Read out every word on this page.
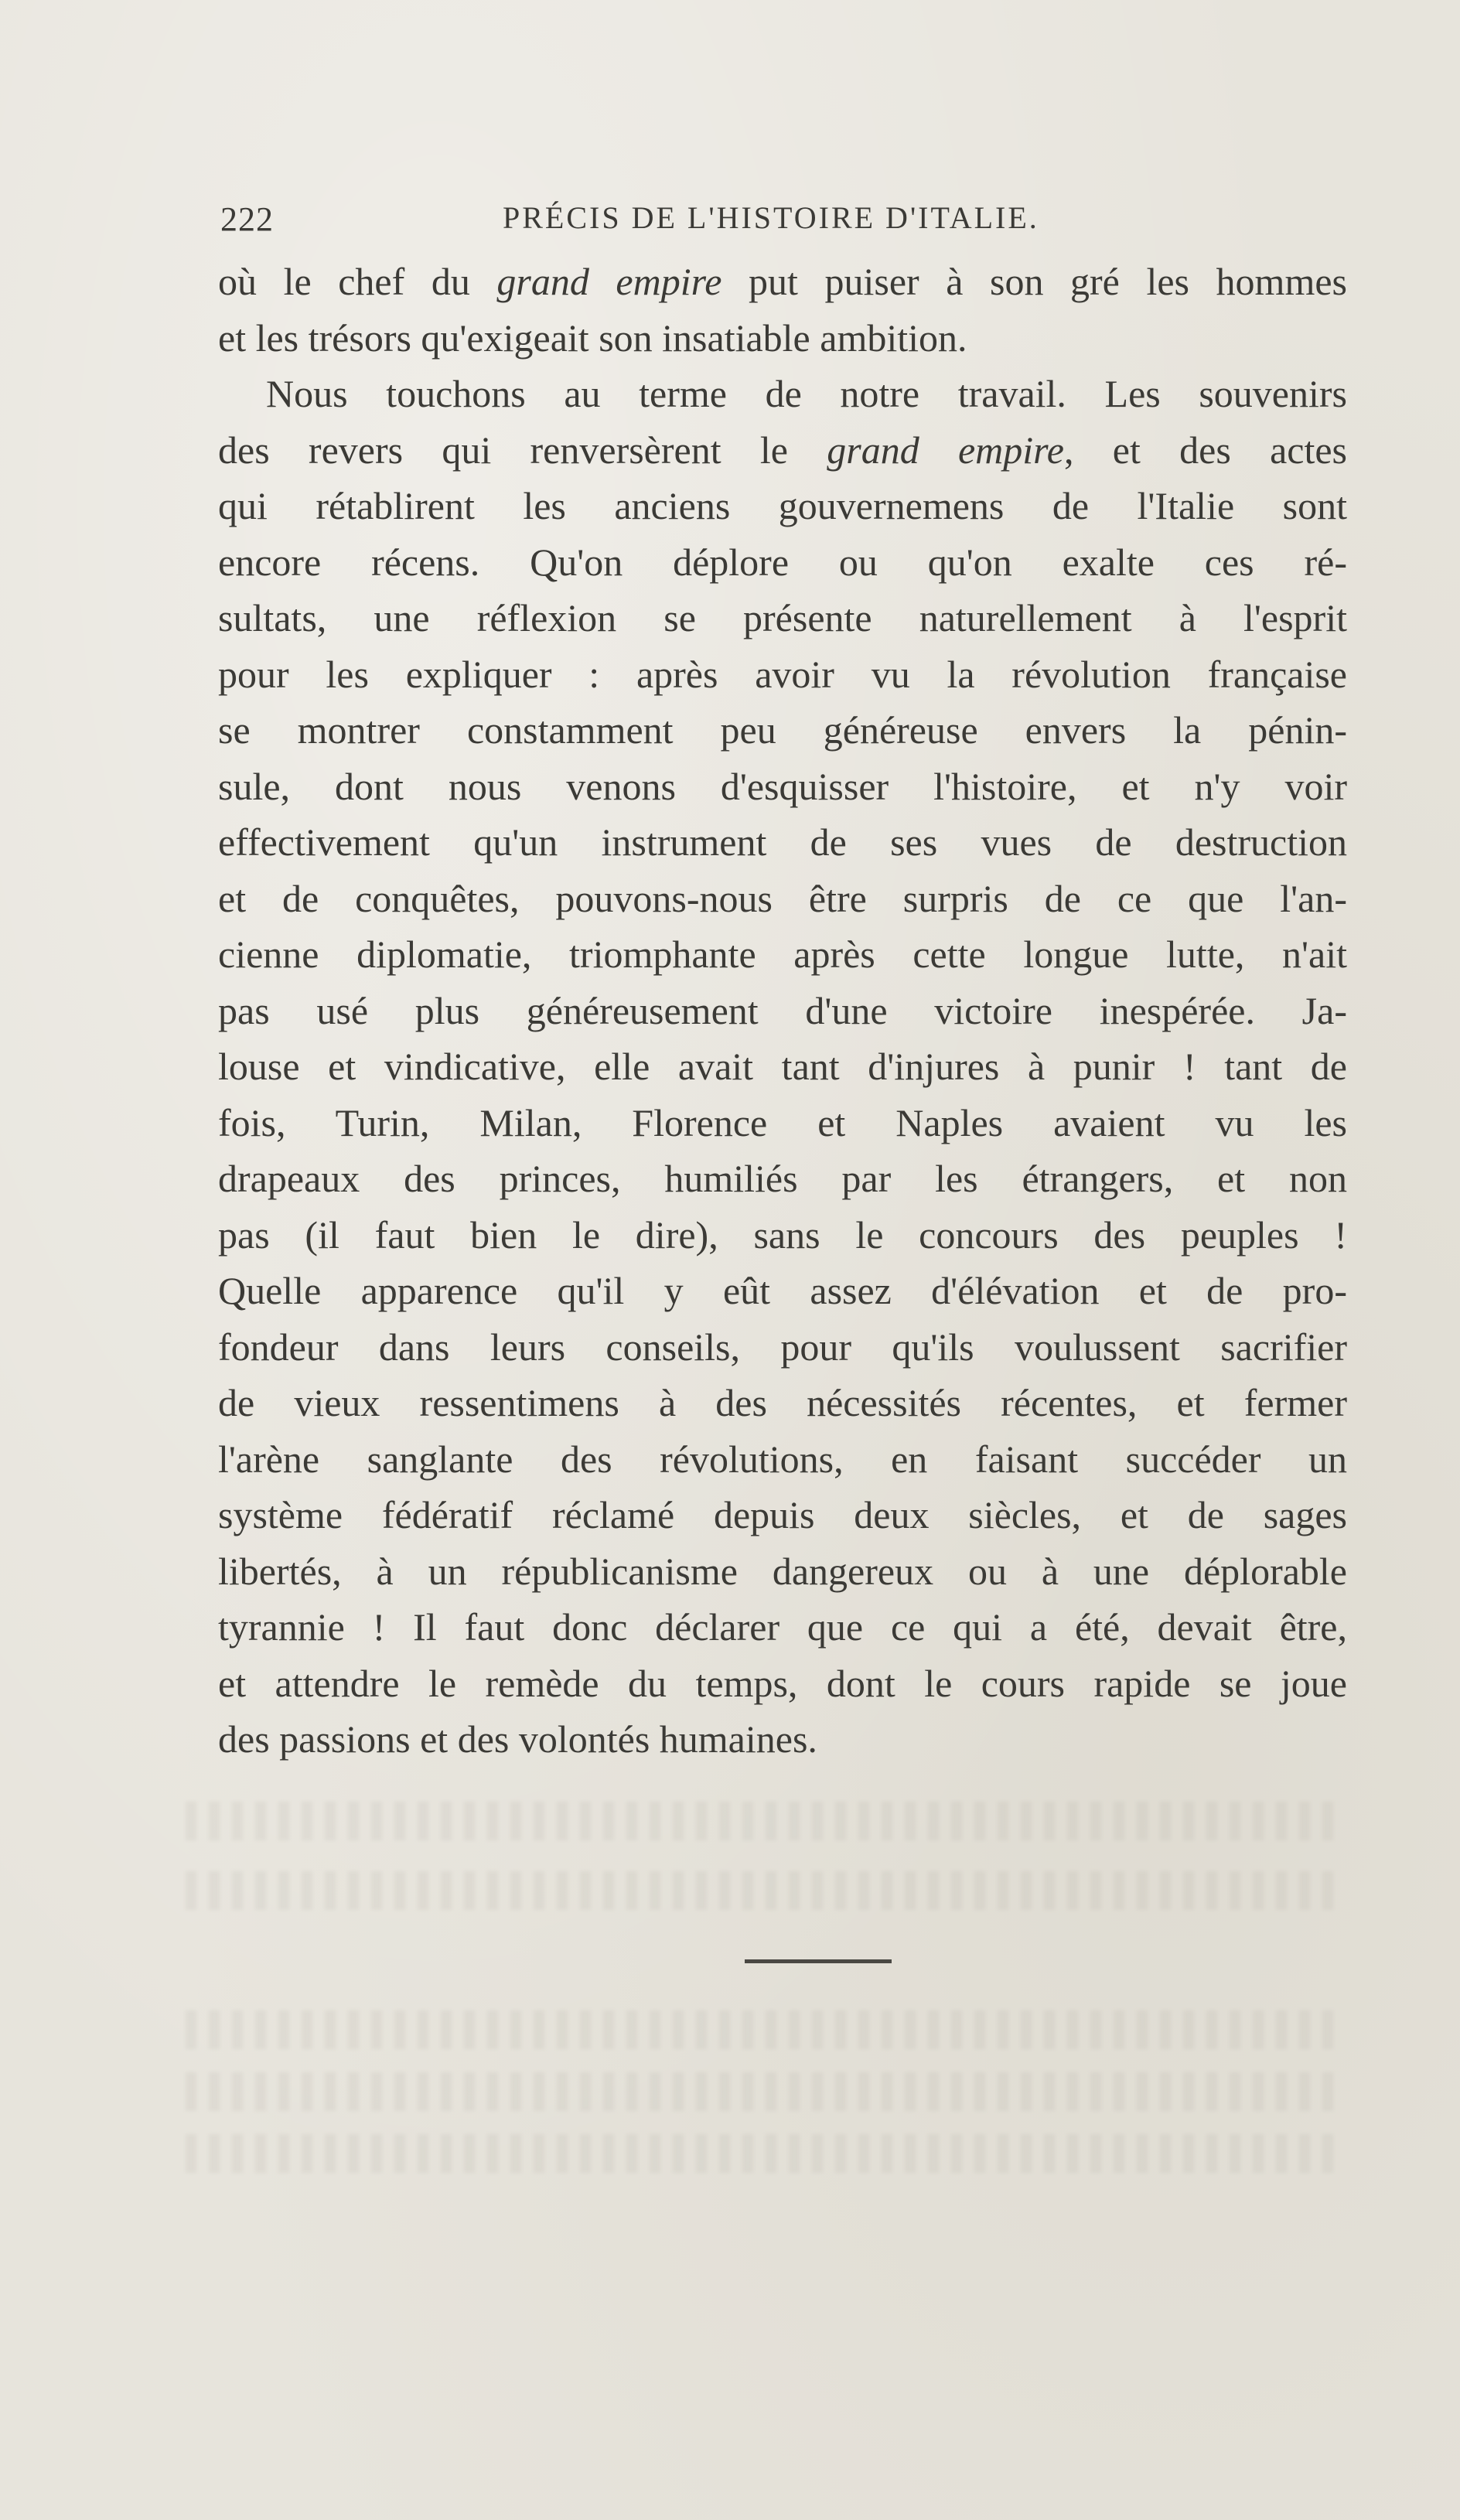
222	PRÉCIS DE L'HISTOIRE D'ITALIE.
où le chef du grand empire put puiser à son gré les hommes
et les trésors qu'exigeait son insatiable ambition.
Nous touchons au terme de notre travail. Les souvenirs
des revers qui renversèrent le grand empire, et des actes
qui rétablirent les anciens gouvernemens de l'Italie sont
encore récens. Qu'on déplore ou qu'on exalte ces ré-
sultats, une réflexion se présente naturellement à l'esprit
pour les expliquer : après avoir vu la révolution française
se montrer constamment peu généreuse envers la pénin-
sule, dont nous venons d'esquisser l'histoire, et n'y voir
effectivement qu'un instrument de ses vues de destruction
et de conquêtes, pouvons-nous être surpris de ce que l'an-
cienne diplomatie, triomphante après cette longue lutte, n'ait
pas usé plus généreusement d'une victoire inespérée. Ja-
louse et vindicative, elle avait tant d'injures à punir ! tant de
fois, Turin, Milan, Florence et Naples avaient vu les
drapeaux des princes, humiliés par les étrangers, et non
pas (il faut bien le dire), sans le concours des peuples !
Quelle apparence qu'il y eût assez d'élévation et de pro-
fondeur dans leurs conseils, pour qu'ils voulussent sacrifier
de vieux ressentimens à des nécessités récentes, et fermer
l'arène sanglante des révolutions, en faisant succéder un
système fédératif réclamé depuis deux siècles, et de sages
libertés, à un républicanisme dangereux ou à une déplorable
tyrannie ! Il faut donc déclarer que ce qui a été, devait être,
et attendre le remède du temps, dont le cours rapide se joue
des passions et des volontés humaines.
